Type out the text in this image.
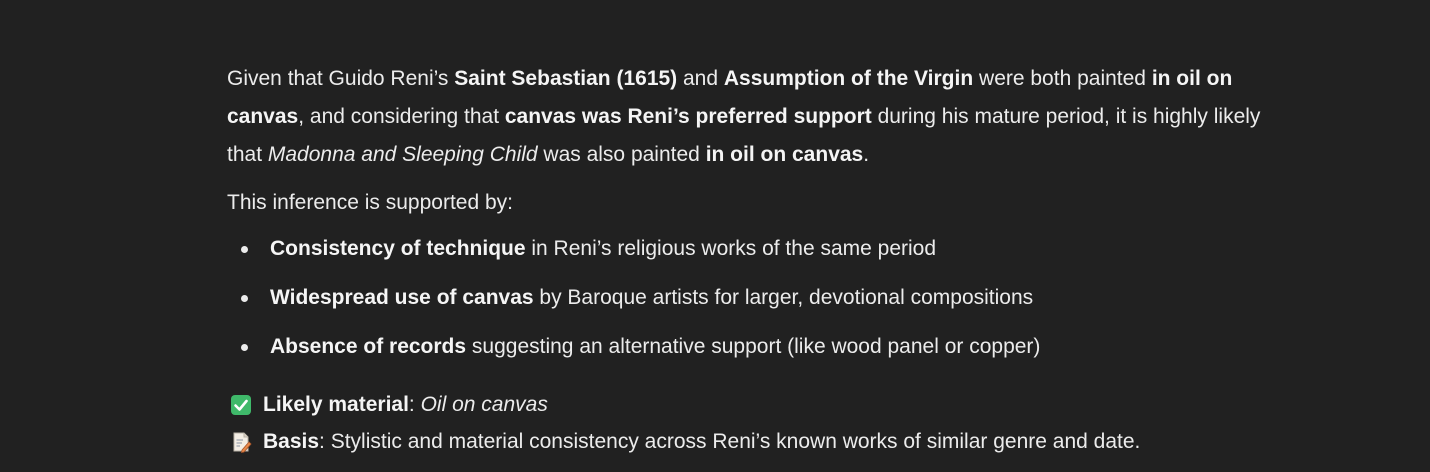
Given that Guido Reni’s Saint Sebastian (1615) and Assumption of the Virgin were both painted in oil on canvas, and considering that canvas was Reni’s preferred support during his mature period, it is highly likely that Madonna and Sleeping Child was also painted in oil on canvas.

This inference is supported by:

Consistency of technique in Reni’s religious works of the same period
Widespread use of canvas by Baroque artists for larger, devotional compositions
Absence of records suggesting an alternative support (like wood panel or copper)
Likely material: Oil on canvas
Basis: Stylistic and material consistency across Reni’s known works of similar genre and date.
